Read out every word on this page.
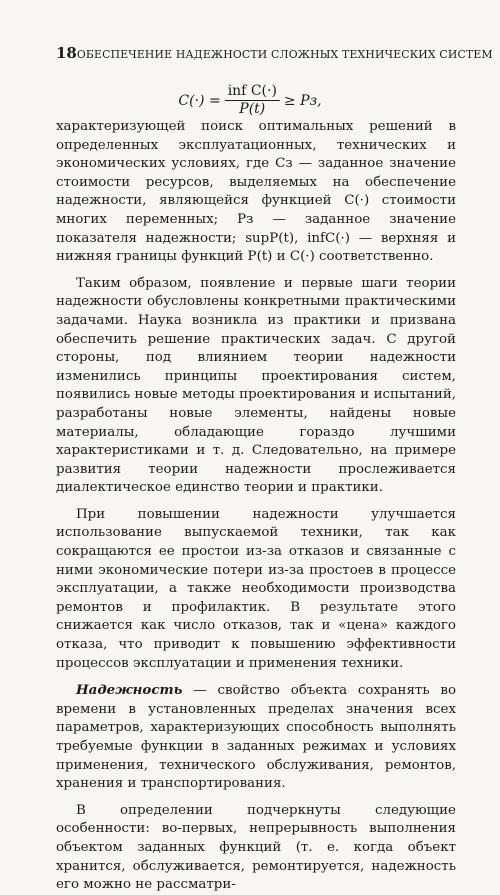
18 ОБЕСПЕЧЕНИЕ НАДЕЖНОСТИ СЛОЖНЫХ ТЕХНИЧЕСКИХ СИСТЕМ
$C(\cdot) = \frac{\text{inf C(·)}}{P(t)}$ ≥ Pз,

характеризующей поиск оптимальных решений в определенных эксплуатационных, технических и экономических условиях, где Cз — заданное значение стоимости ресурсов, выделяемых на обеспечение надежности, являющейся функцией C(·) стоимости многих переменных; Pз — заданное значение показателя надежности; supP(t), infC(·) — верхняя и нижняя границы функций P(t) и C(·) соответственно.

Таким образом, появление и первые шаги теории надежности обусловлены конкретными практическими задачами. Наука возникла из практики и призвана обеспечить решение практических задач. С другой стороны, под влиянием теории надежности изменились принципы проектирования систем, появились новые методы проектирования и испытаний, разработаны новые элементы, найдены новые материалы, обладающие гораздо лучшими характеристиками и т. д. Следовательно, на примере развития теории надежности прослеживается диалектическое единство теории и практики.

При повышении надежности улучшается использование выпускаемой техники, так как сокращаются ее простои из-за отказов и связанные с ними экономические потери из-за простоев в процессе эксплуатации, а также необходимости производства ремонтов и профилактик. В результате этого снижается как число отказов, так и «цена» каждого отказа, что приводит к повышению эффективности процессов эксплуатации и применения техники.

Надежность — свойство объекта сохранять во времени в установленных пределах значения всех параметров, характеризующих способность выполнять требуемые функции в заданных режимах и условиях применения, технического обслуживания, ремонтов, хранения и транспортирования.

В определении подчеркнуты следующие особенности: во-первых, непрерывность выполнения объектом заданных функций (т. е. когда объект хранится, обслуживается, ремонтируется, надежность его можно не рассматри-
